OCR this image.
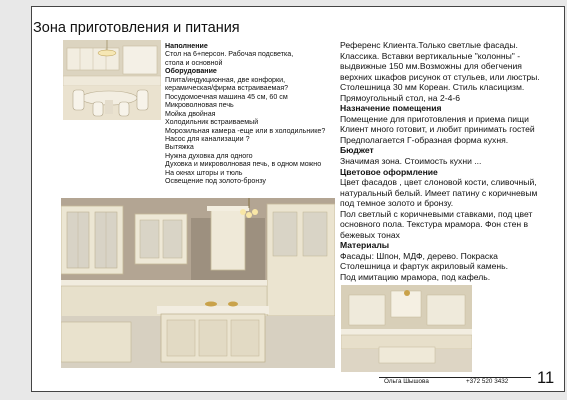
Зона приготовления и питания
Наполнение
Стол на 6+персон. Рабочая подсветка,
стола и основной
Оборудование
Плита/индукционная, две конфорки,
керамическая/фирма встраиваемая?
Посудомоечная машина 45 см, 60 см
Микроволновая печь
Мойка двойная
Холодильник встраиваемый
Морозильная камера -еще или в холодильнике?
Насос для канализации ?
Вытяжка
Нужна духовка для одного
Духовка и микроволновая печь, в одном можно
На окнах шторы и тюль
Освещение под золото-бронзу
Референс Клиента.Только светлые фасады.
Классика. Вставки вертикальные "колонны" -
выдвижные 150 мм.Возможны для обегчения
верхних шкафов рисунок от стульев, или люстры.
Столешница 30 мм Кореан. Стиль класицизм.
Прямоугольный стол, на 2-4-6
Назначение помещения
Помещение для приготовления и приема пищи
Клиент много готовит, и любит принимать гостей
Предполагается Г-образная форма кухня.
Бюджет
Значимая зона. Стоимость кухни ...
Цветовое оформление
Цвет фасадов , цвет слоновой кости, сливочный,
натуральный белый. Имеет патину с коричневым
под темное золото и бронзу.
Пол светлый с коричневыми ставками, под цвет
основного пола. Текстура мрамора. Фон стен в
бежевых тонах
Материалы
Фасады: Шпон, МДФ, дерево. Покраска
Столешница и фартук акриловый камень.
Под имитацию мрамора, под кафель.
Ольга Шышова	+372 520 3432 11
